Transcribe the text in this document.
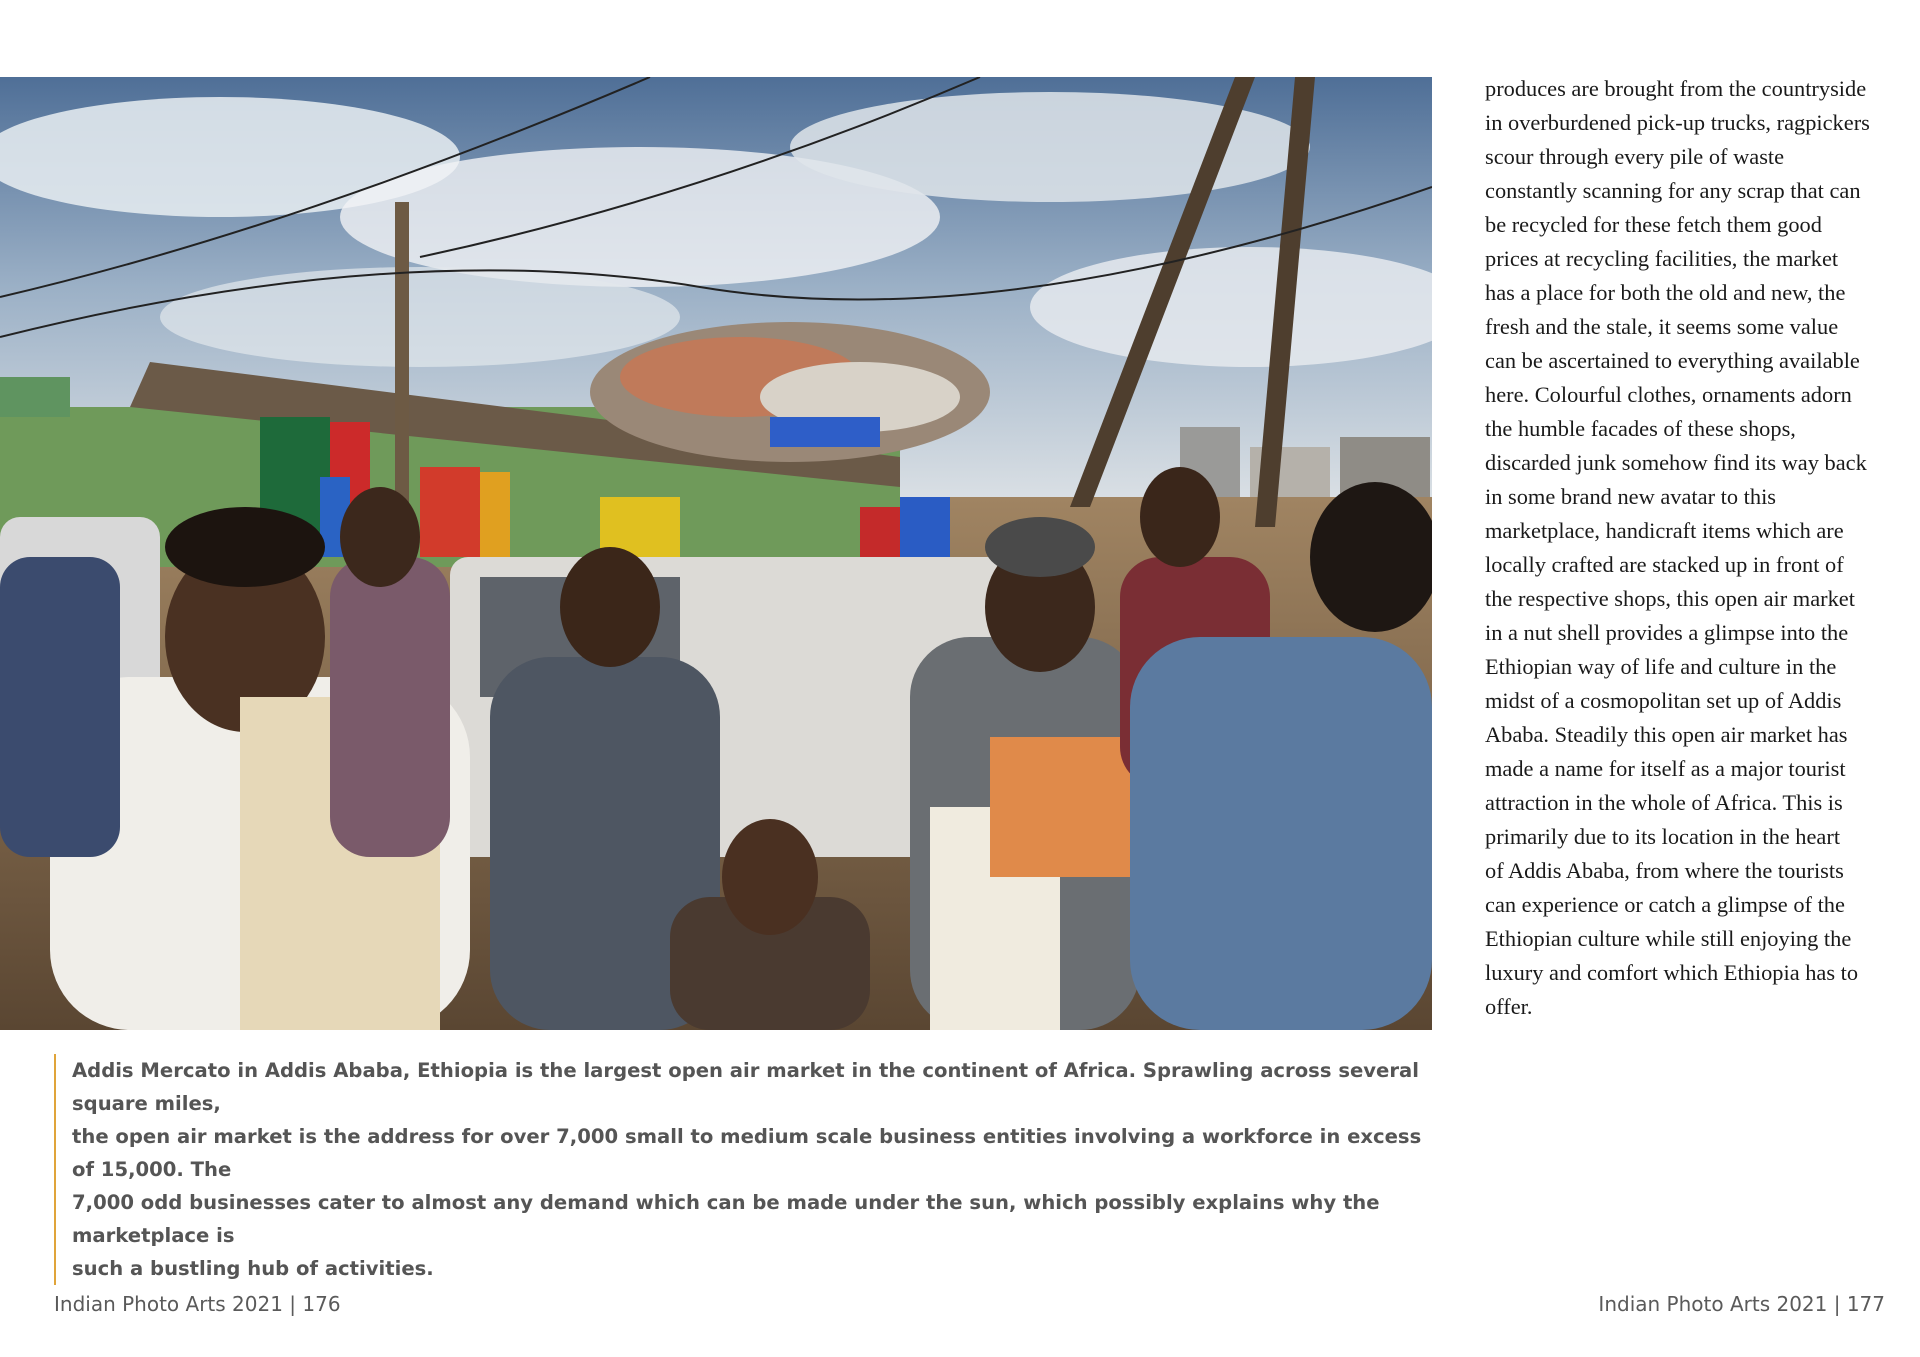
produces are brought from the countryside
in overburdened pick-up trucks, ragpickers
scour through every pile of waste
constantly scanning for any scrap that can
be recycled for these fetch them good
prices at recycling facilities, the market
has a place for both the old and new, the
fresh and the stale, it seems some value
can be ascertained to everything available
here. Colourful clothes, ornaments adorn
the humble facades of these shops,
discarded junk somehow find its way back
in some brand new avatar to this
marketplace, handicraft items which are
locally crafted are stacked up in front of
the respective shops, this open air market
in a nut shell provides a glimpse into the
Ethiopian way of life and culture in the
midst of a cosmopolitan set up of Addis
Ababa. Steadily this open air market has
made a name for itself as a major tourist
attraction in the whole of Africa. This is
primarily due to its location in the heart
of Addis Ababa, from where the tourists
can experience or catch a glimpse of the
Ethiopian culture while still enjoying the
luxury and comfort which Ethiopia has to
offer.

Addis Mercato in Addis Ababa, Ethiopia is the largest open air market in the continent of Africa. Sprawling across several square miles,
the open air market is the address for over 7,000 small to medium scale business entities involving a workforce in excess of 15,000. The
7,000 odd businesses cater to almost any demand which can be made under the sun, which possibly explains why the marketplace is
such a bustling hub of activities.

Indian Photo Arts 2021 | 176	Indian Photo Arts 2021 | 177
